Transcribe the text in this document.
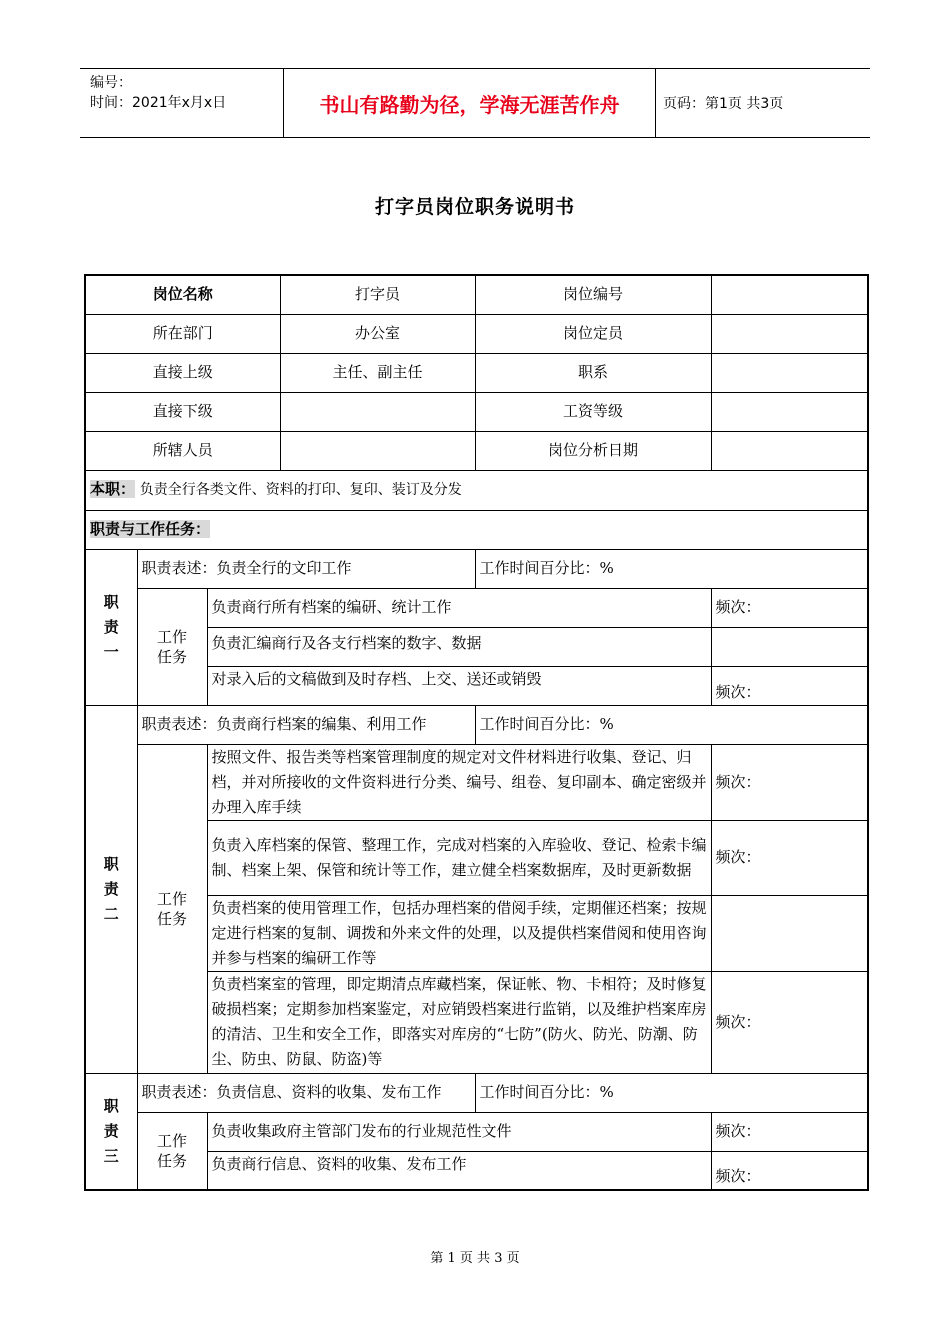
编号：
时间：2021年x月x日	书山有路勤为径，学海无涯苦作舟	页码：第1页 共3页
打字员岗位职务说明书
岗位名称			打字员	岗位编号	
所在部门			办公室	岗位定员	
直接上级			主任、副主任	职系	
直接下级				工资等级	
所辖人员				岗位分析日期	
本职： 负责全行各类文件、资料的打印、复印、装订及分发					
职责与工作任务：					

职
责
一	职责表述：负责全行的文印工作			工作时间百分比：%	
	工作
任务	负责商行所有档案的编研、统计工作			频次：
		负责汇编商行及各支行档案的数字、数据			
		对录入后的文稿做到及时存档、上交、送还或销毁			频次：

职
责
二	职责表述：负责商行档案的编集、利用工作			工作时间百分比：%	
	工作
任务	按照文件、报告类等档案管理制度的规定对文件材料进行收集、登记、归档，并对所接收的文件资料进行分类、编号、组卷、复印副本、确定密级并办理入库手续			频次：
		负责入库档案的保管、整理工作，完成对档案的入库验收、登记、检索卡编制、档案上架、保管和统计等工作，建立健全档案数据库，及时更新数据			频次：
		负责档案的使用管理工作，包括办理档案的借阅手续，定期催还档案；按规定进行档案的复制、调拨和外来文件的处理，以及提供档案借阅和使用咨询并参与档案的编研工作等			
		负责档案室的管理，即定期清点库藏档案，保证帐、物、卡相符；及时修复破损档案；定期参加档案鉴定，对应销毁档案进行监销，以及维护档案库房的清洁、卫生和安全工作，即落实对库房的“七防”(防火、防光、防潮、防尘、防虫、防鼠、防盗)等			频次：

职
责
三	职责表述：负责信息、资料的收集、发布工作			工作时间百分比：%	
	工作
任务	负责收集政府主管部门发布的行业规范性文件			频次：
		负责商行信息、资料的收集、发布工作			频次：
第 1 页 共 3 页
